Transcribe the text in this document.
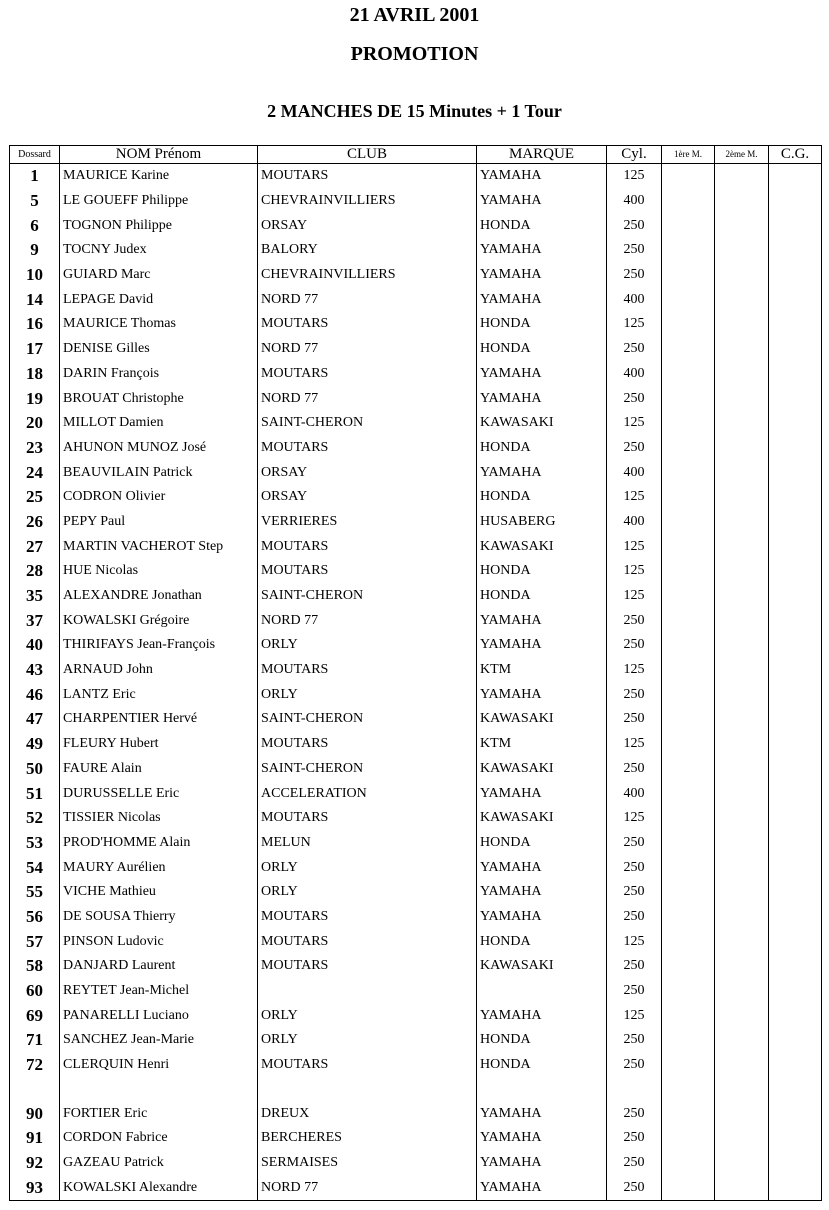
21 AVRIL 2001
PROMOTION
2 MANCHES DE 15 Minutes + 1 Tour
Dossard	NOM Prénom	CLUB	MARQUE	Cyl.	1ère M.	2ème M.	C.G.
1	MAURICE Karine	MOUTARS	YAMAHA	125			
5	LE GOUEFF Philippe	CHEVRAINVILLIERS	YAMAHA	400			
6	TOGNON Philippe	ORSAY	HONDA	250			
9	TOCNY Judex	BALORY	YAMAHA	250			
10	GUIARD Marc	CHEVRAINVILLIERS	YAMAHA	250			
14	LEPAGE David	NORD 77	YAMAHA	400			
16	MAURICE Thomas	MOUTARS	HONDA	125			
17	DENISE Gilles	NORD 77	HONDA	250			
18	DARIN François	MOUTARS	YAMAHA	400			
19	BROUAT Christophe	NORD 77	YAMAHA	250			
20	MILLOT Damien	SAINT-CHERON	KAWASAKI	125			
23	AHUNON MUNOZ José	MOUTARS	HONDA	250			
24	BEAUVILAIN Patrick	ORSAY	YAMAHA	400			
25	CODRON Olivier	ORSAY	HONDA	125			
26	PEPY Paul	VERRIERES	HUSABERG	400			
27	MARTIN VACHEROT Step	MOUTARS	KAWASAKI	125			
28	HUE Nicolas	MOUTARS	HONDA	125			
35	ALEXANDRE Jonathan	SAINT-CHERON	HONDA	125			
37	KOWALSKI Grégoire	NORD 77	YAMAHA	250			
40	THIRIFAYS Jean-François	ORLY	YAMAHA	250			
43	ARNAUD John	MOUTARS	KTM	125			
46	LANTZ Eric	ORLY	YAMAHA	250			
47	CHARPENTIER Hervé	SAINT-CHERON	KAWASAKI	250			
49	FLEURY Hubert	MOUTARS	KTM	125			
50	FAURE Alain	SAINT-CHERON	KAWASAKI	250			
51	DURUSSELLE Eric	ACCELERATION	YAMAHA	400			
52	TISSIER Nicolas	MOUTARS	KAWASAKI	125			
53	PROD'HOMME Alain	MELUN	HONDA	250			
54	MAURY Aurélien	ORLY	YAMAHA	250			
55	VICHE Mathieu	ORLY	YAMAHA	250			
56	DE SOUSA Thierry	MOUTARS	YAMAHA	250			
57	PINSON Ludovic	MOUTARS	HONDA	125			
58	DANJARD Laurent	MOUTARS	KAWASAKI	250			
60	REYTET Jean-Michel			250			
69	PANARELLI Luciano	ORLY	YAMAHA	125			
71	SANCHEZ Jean-Marie	ORLY	HONDA	250			
72	CLERQUIN Henri	MOUTARS	HONDA	250			

90	FORTIER Eric	DREUX	YAMAHA	250			
91	CORDON Fabrice	BERCHERES	YAMAHA	250			
92	GAZEAU Patrick	SERMAISES	YAMAHA	250			
93	KOWALSKI Alexandre	NORD 77	YAMAHA	250			
